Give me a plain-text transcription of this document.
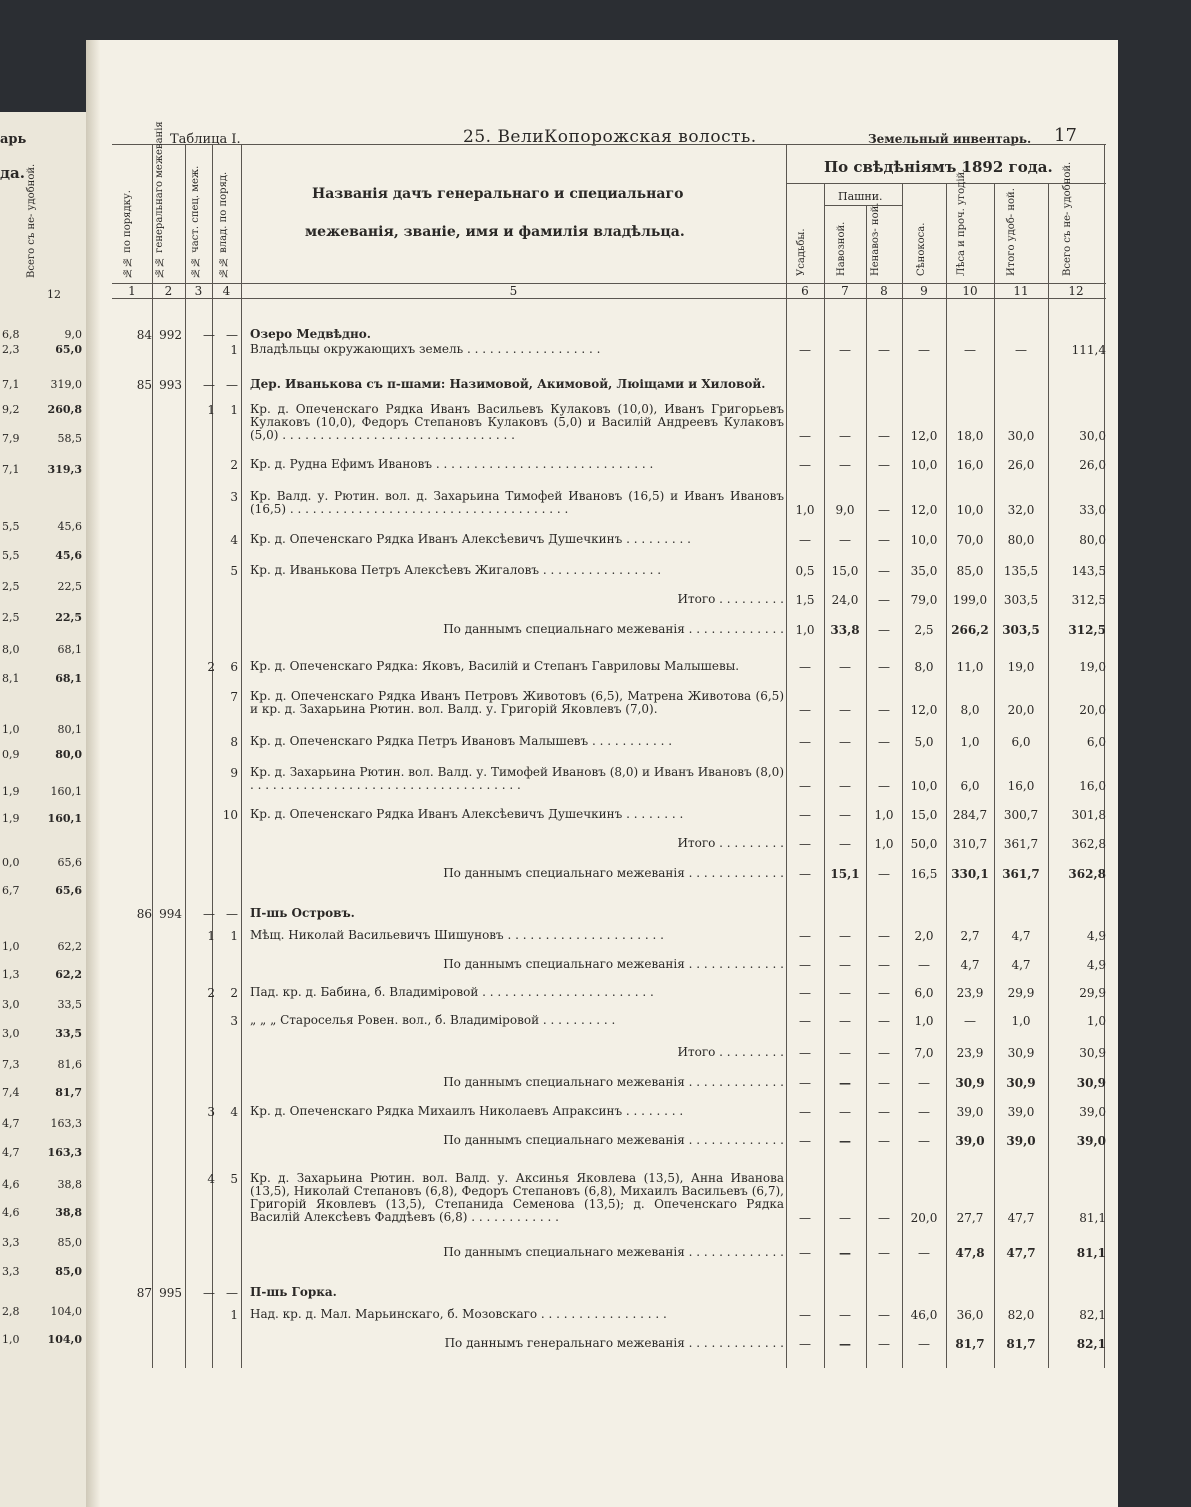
арь
да. Всего съ не- удобной.
12
6,8	9,0
2,3	65,0
7,1	319,0
9,2	260,8
7,9	58,5
7,1	319,3
5,5	45,6
5,5	45,6
2,5	22,5
2,5	22,5
8,0	68,1
8,1	68,1
1,0	80,1
0,9	80,0
1,9	160,1
1,9	160,1
0,0	65,6
6,7	65,6
1,0	62,2
1,3	62,2
3,0	33,5
3,0	33,5
7,3	81,6
7,4	81,7
4,7	163,3
4,7	163,3
4,6	38,8
4,6	38,8
3,3	85,0
3,3	85,0
2,8	104,0
1,0	104,0
Таблица I.	25. ВелиКопорожская волость.	Земельный инвентарь. 17
№№ по порядку. №№ генеральнаго межеванія	№№ част. спец. меж. №№ влад. по поряд.	Названія дачъ генеральнаго и специальнаго
межеванія, званіе, имя и фамилія владѣльца.
По свѣдѣніямъ 1892 года.
Пашни.
Усадьбы.	Навозной. Ненавоз- ной.	Сѣнокоса.	Лѣса и проч. угодій.	Итого удоб- ной.	Всего съ не- удобной.
1	2	3	4	5	6	7	8	9	10	11	12
84 992	— — Озеро Медвѣдно.
1 Владѣльцы окружающихъ земель . . . . . . . . . . . . . . . . . .	—	—	—	—	—	—	111,4
85 993	— — Дер. Иванькова съ п-шами: Назимовой, Акимовой, Люіщами и Хиловой.
1	1 Кр. д. Опеченскаго Рядка Иванъ Васильевъ Кулаковъ (10,0), Иванъ Григорьевъ Кулаковъ (10,0), Федоръ Степановъ Кулаковъ (5,0) и Василій Андреевъ Кулаковъ (5,0) . . . . . . . . . . . . . . . . . . . . . . . . . . . . . . .	—	—	—	12,0	18,0	30,0	30,0
2 Кр. д. Рудна Ефимъ Ивановъ . . . . . . . . . . . . . . . . . . . . . . . . . . . . .	—	—	—	10,0	16,0	26,0	26,0
3 Кр. Валд. у. Рютин. вол. д. Захарьина Тимофей Ивановъ (16,5) и Иванъ Ивановъ (16,5) . . . . . . . . . . . . . . . . . . . . . . . . . . . . . . . . . . . . .	1,0	9,0	—	12,0	10,0	32,0	33,0
4 Кр. д. Опеченскаго Рядка Иванъ Алексѣевичъ Душечкинъ . . . . . . . . .	—	—	—	10,0	70,0	80,0	80,0
5 Кр. д. Иванькова Петръ Алексѣевъ Жигаловъ . . . . . . . . . . . . . . . .	0,5	15,0	—	35,0	85,0	135,5	143,5
Итого . . . . . . . . . 1,5	24,0	—	79,0	199,0	303,5	312,5
По даннымъ специальнаго межеванія . . . . . . . . . . . . . 1,0	33,8	—	2,5	266,2	303,5	312,5
2	6 Кр. д. Опеченскаго Рядка: Яковъ, Василій и Степанъ Гавриловы Малышевы.	—	—	—	8,0	11,0	19,0	19,0
7 Кр. д. Опеченскаго Рядка Иванъ Петровъ Животовъ (6,5), Матрена Животова (6,5) и кр. д. Захарьина Рютин. вол. Валд. у. Григорій Яковлевъ (7,0).	—	—	—	12,0	8,0	20,0	20,0
8 Кр. д. Опеченскаго Рядка Петръ Ивановъ Малышевъ . . . . . . . . . . .	—	—	—	5,0	1,0	6,0	6,0
9 Кр. д. Захарьина Рютин. вол. Валд. у. Тимофей Ивановъ (8,0) и Иванъ Ивановъ (8,0) . . . . . . . . . . . . . . . . . . . . . . . . . . . . . . . . . . . .	—	—	—	10,0	6,0	16,0	16,0
10 Кр. д. Опеченскаго Рядка Иванъ Алексѣевичъ Душечкинъ . . . . . . . .	—	—	1,0	15,0	284,7	300,7	301,8
Итого . . . . . . . . .	—	—	1,0	50,0	310,7	361,7	362,8
По даннымъ специальнаго межеванія . . . . . . . . . . . . .	—	15,1	—	16,5	330,1	361,7	362,8
86 994	— — П-шь Островъ.
1	1 Мѣщ. Николай Васильевичъ Шишуновъ . . . . . . . . . . . . . . . . . . . . .	—	—	—	2,0	2,7	4,7	4,9
По даннымъ специальнаго межеванія . . . . . . . . . . . . .	—	—	—	—	4,7	4,7	4,9
2	2 Пад. кр. д. Бабина, б. Владиміровой . . . . . . . . . . . . . . . . . . . . . . .	—	—	—	6,0	23,9	29,9	29,9
3 „ „ „ Староселья Ровен. вол., б. Владиміровой . . . . . . . . . .	—	—	—	1,0	—	1,0	1,0
Итого . . . . . . . . .	—	—	—	7,0	23,9	30,9	30,9
По даннымъ специальнаго межеванія . . . . . . . . . . . . .	—	—	—	—	30,9	30,9	30,9
3	4 Кр. д. Опеченскаго Рядка Михаилъ Николаевъ Апраксинъ . . . . . . . .	—	—	—	—	39,0	39,0	39,0
По даннымъ специальнаго межеванія . . . . . . . . . . . . .	—	—	—	—	39,0	39,0	39,0
4	5 Кр. д. Захарьина Рютин. вол. Валд. у. Аксинья Яковлева (13,5), Анна Иванова (13,5), Николай Степановъ (6,8), Федоръ Степановъ (6,8), Михаилъ Васильевъ (6,7), Григорій Яковлевъ (13,5), Степанида Семенова (13,5); д. Опеченскаго Рядка Василій Алексѣевъ Фаддѣевъ (6,8) . . . . . . . . . . . .	—	—	—	20,0	27,7	47,7	81,1
По даннымъ специальнаго межеванія . . . . . . . . . . . . .	—	—	—	—	47,8	47,7	81,1
87 995	— — П-шь Горка.
1 Над. кр. д. Мал. Марьинскаго, б. Мозовскаго . . . . . . . . . . . . . . . . .	—	—	—	46,0	36,0	82,0	82,1
По даннымъ генеральнаго межеванія . . . . . . . . . . . . .	—	—	—	—	81,7	81,7	82,1
